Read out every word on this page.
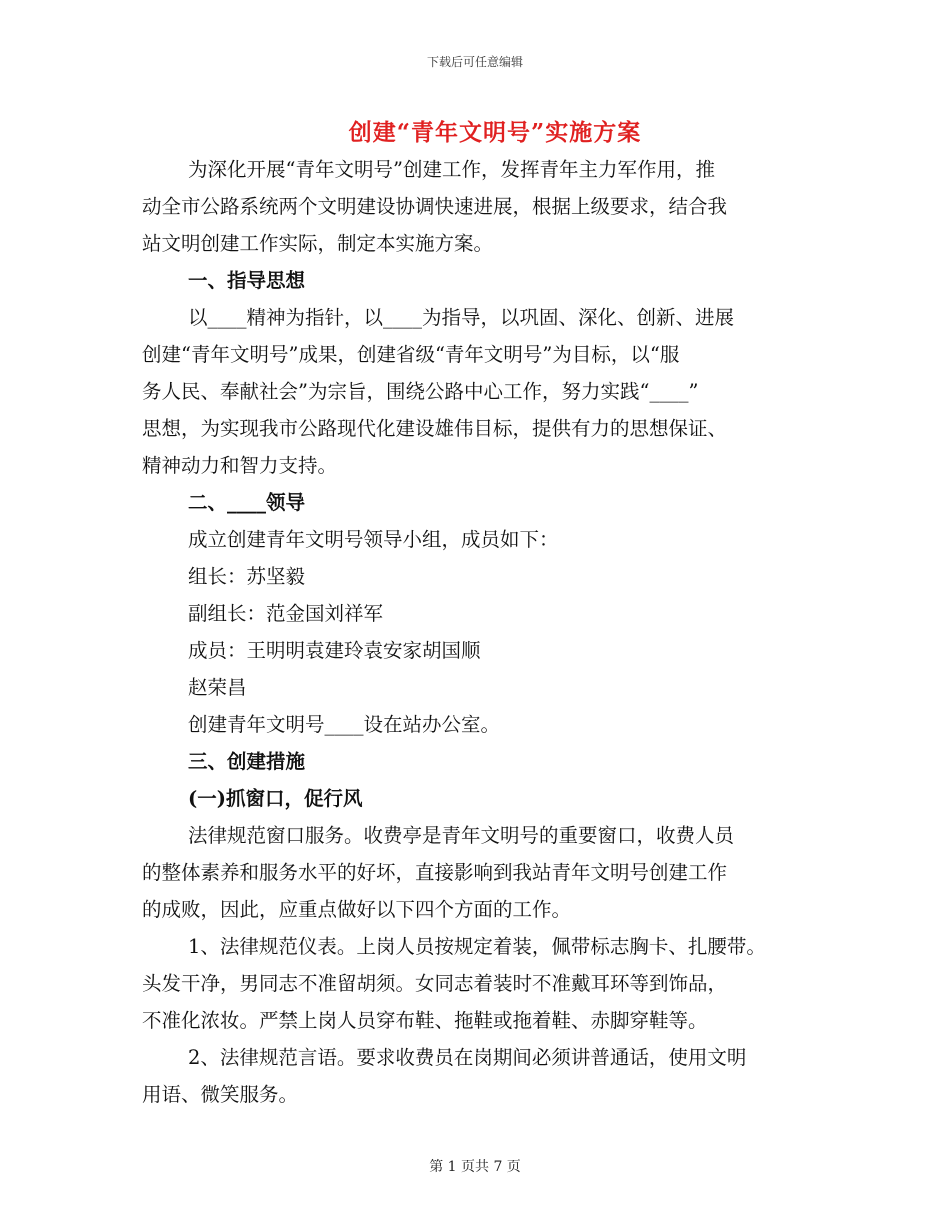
下载后可任意编辑
创建“青年文明号”实施方案
为深化开展“青年文明号”创建工作，发挥青年主力军作用，推
动全市公路系统两个文明建设协调快速进展，根据上级要求，结合我
站文明创建工作实际，制定本实施方案。
一、指导思想
以____精神为指针，以____为指导，以巩固、深化、创新、进展
创建“青年文明号”成果，创建省级“青年文明号”为目标，以“服
务人民、奉献社会”为宗旨，围绕公路中心工作，努力实践“____”
思想，为实现我市公路现代化建设雄伟目标，提供有力的思想保证、
精神动力和智力支持。
二、____领导
成立创建青年文明号领导小组，成员如下：
组长：苏坚毅
副组长：范金国刘祥军
成员：王明明袁建玲袁安家胡国顺
赵荣昌
创建青年文明号____设在站办公室。
三、创建措施
(一)抓窗口，促行风
法律规范窗口服务。收费亭是青年文明号的重要窗口，收费人员
的整体素养和服务水平的好坏，直接影响到我站青年文明号创建工作
的成败，因此，应重点做好以下四个方面的工作。
1、法律规范仪表。上岗人员按规定着装，佩带标志胸卡、扎腰带。
头发干净，男同志不准留胡须。女同志着装时不准戴耳环等到饰品，
不准化浓妆。严禁上岗人员穿布鞋、拖鞋或拖着鞋、赤脚穿鞋等。
2、法律规范言语。要求收费员在岗期间必须讲普通话，使用文明
用语、微笑服务。
第 1 页共 7 页
